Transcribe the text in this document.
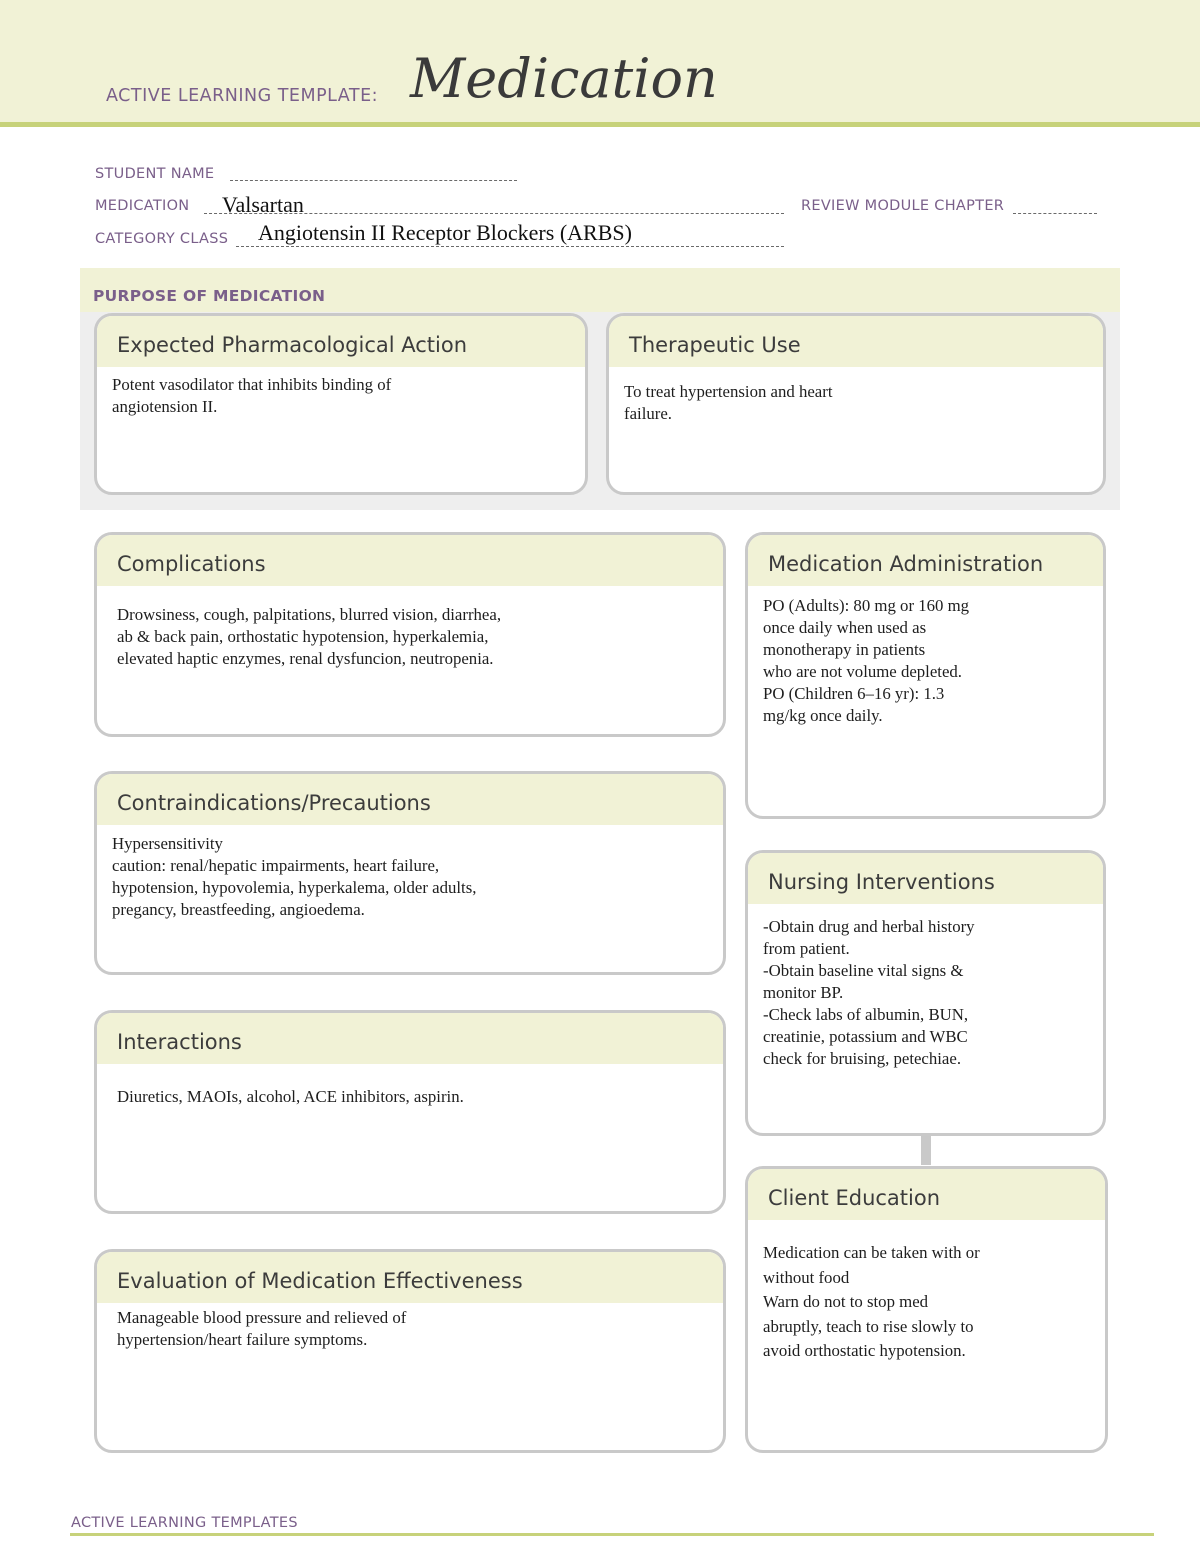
ACTIVE LEARNING TEMPLATE: Medication
STUDENT NAME
MEDICATION Valsartan	REVIEW MODULE CHAPTER
CATEGORY CLASS Angiotensin II Receptor Blockers (ARBS)
PURPOSE OF MEDICATION
Expected Pharmacological Action
Potent vasodilator that inhibits binding of
angiotension II.
Therapeutic Use
To treat hypertension and heart
failure.
Complications
Drowsiness, cough, palpitations, blurred vision, diarrhea,
ab & back pain, orthostatic hypotension, hyperkalemia,
elevated haptic enzymes, renal dysfuncion, neutropenia.
Contraindications/Precautions
Hypersensitivity
caution: renal/hepatic impairments, heart failure,
hypotension, hypovolemia, hyperkalema, older adults,
pregancy, breastfeeding, angioedema.
Interactions
Diuretics, MAOIs, alcohol, ACE inhibitors, aspirin.
Evaluation of Medication Effectiveness
Manageable blood pressure and relieved of
hypertension/heart failure symptoms.
Medication Administration
PO (Adults): 80 mg or 160 mg
once daily when used as
monotherapy in patients
who are not volume depleted.
PO (Children 6–16 yr): 1.3
mg/kg once daily.
Nursing Interventions
-Obtain drug and herbal history
from patient.
-Obtain baseline vital signs &
monitor BP.
-Check labs of albumin, BUN,
creatinie, potassium and WBC
check for bruising, petechiae.
Client Education
Medication can be taken with or
without food
Warn do not to stop med
abruptly, teach to rise slowly to
avoid orthostatic hypotension.
ACTIVE LEARNING TEMPLATES
